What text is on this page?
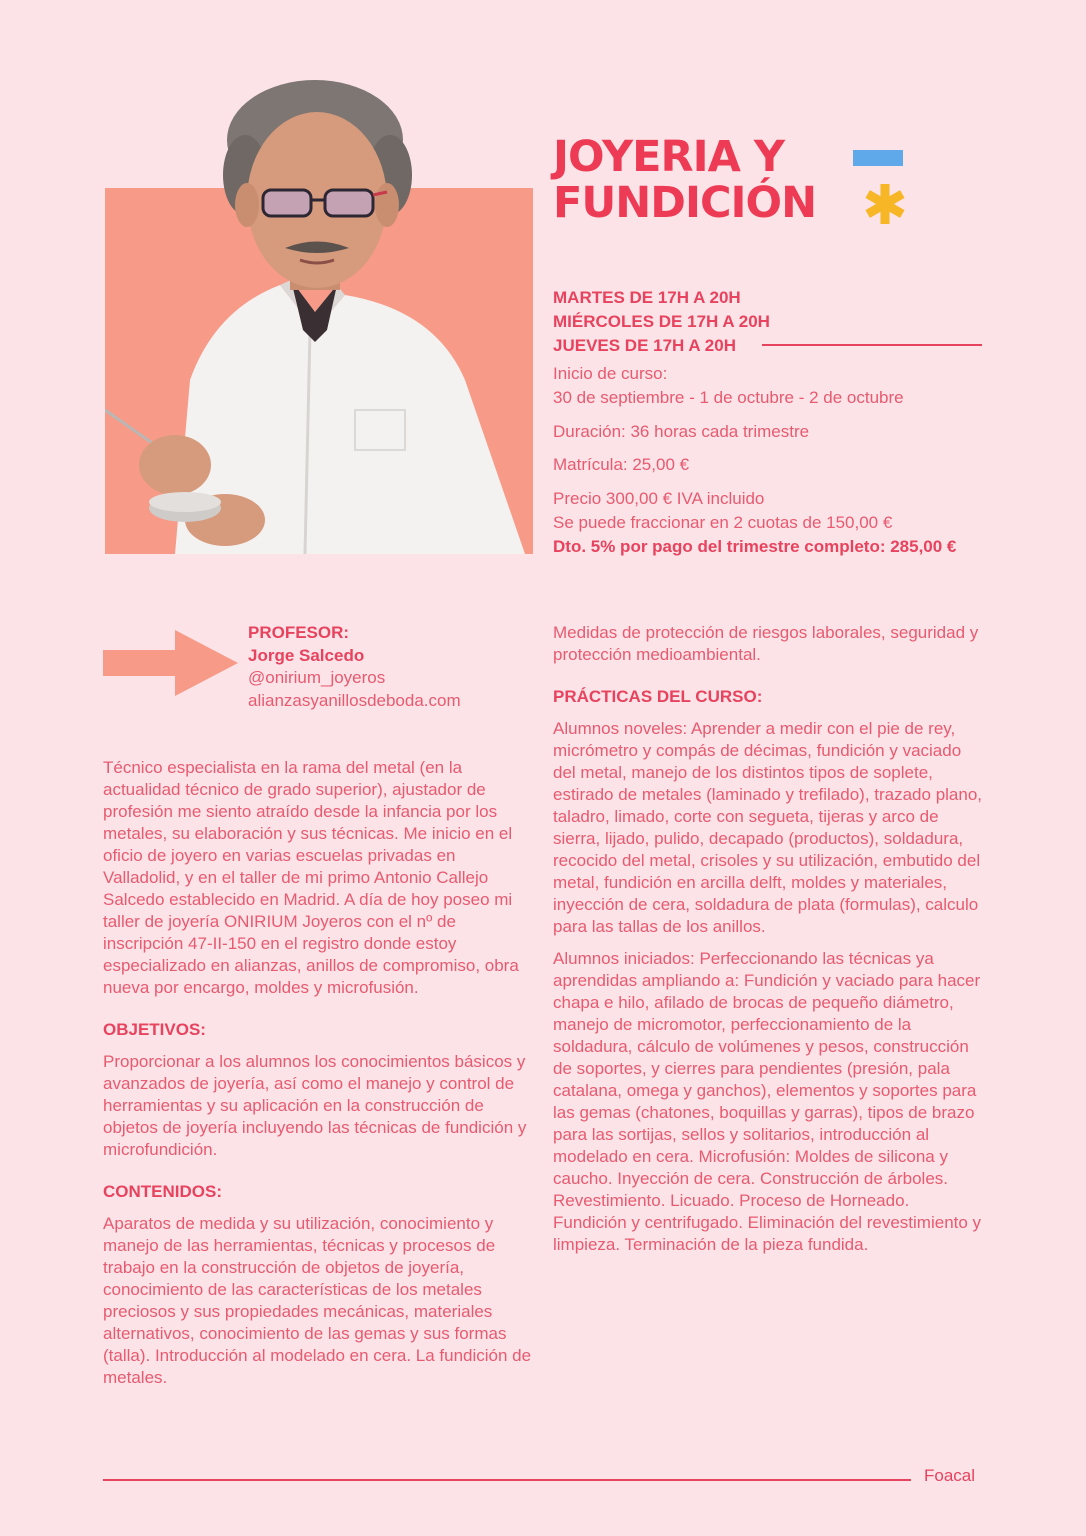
JOYERIA Y
FUNDICIÓN
MARTES DE 17H A 20H
MIÉRCOLES DE 17H A 20H
JUEVES DE 17H A 20H
Inicio de curso:
30 de septiembre - 1 de octubre - 2 de octubre
Duración: 36 horas cada trimestre
Matrícula: 25,00 €
Precio 300,00 € IVA incluido
Se puede fraccionar en 2 cuotas de 150,00 €
Dto. 5% por pago del trimestre completo: 285,00 €
PROFESOR:
Jorge Salcedo
@onirium_joyeros
alianzasyanillosdeboda.com

Técnico especialista en la rama del metal (en la actualidad técnico de grado superior), ajustador de profesión me siento atraído desde la infancia por los metales, su elaboración y sus técnicas. Me inicio en el oficio de joyero en varias escuelas privadas en Valladolid, y en el taller de mi primo Antonio Callejo Salcedo establecido en Madrid. A día de hoy poseo mi taller de joyería ONIRIUM Joyeros con el nº de inscripción 47-II-150 en el registro donde estoy especializado en alianzas, anillos de compromiso, obra nueva por encargo, moldes y microfusión.

OBJETIVOS:

Proporcionar a los alumnos los conocimientos básicos y avanzados de joyería, así como el manejo y control de herramientas y su aplicación en la construcción de objetos de joyería incluyendo las técnicas de fundición y microfundición.

CONTENIDOS:

Aparatos de medida y su utilización, conocimiento y manejo de las herramientas, técnicas y procesos de trabajo en la construcción de objetos de joyería, conocimiento de las características de los metales preciosos y sus propiedades mecánicas, materiales alternativos, conocimiento de las gemas y sus formas (talla). Introducción al modelado en cera. La fundición de metales.

Medidas de protección de riesgos laborales, seguridad y protección medioambiental.

PRÁCTICAS DEL CURSO:

Alumnos noveles: Aprender a medir con el pie de rey, micrómetro y compás de décimas, fundición y vaciado del metal, manejo de los distintos tipos de soplete, estirado de metales (laminado y trefilado), trazado plano, taladro, limado, corte con segueta, tijeras y arco de sierra, lijado, pulido, decapado (productos), soldadura, recocido del metal, crisoles y su utilización, embutido del metal, fundición en arcilla delft, moldes y materiales, inyección de cera, soldadura de plata (formulas), calculo para las tallas de los anillos.

Alumnos iniciados: Perfeccionando las técnicas ya aprendidas ampliando a: Fundición y vaciado para hacer chapa e hilo, afilado de brocas de pequeño diámetro, manejo de micromotor, perfeccionamiento de la soldadura, cálculo de volúmenes y pesos, construcción de soportes, y cierres para pendientes (presión, pala catalana, omega y ganchos), elementos y soportes para las gemas (chatones, boquillas y garras), tipos de brazo para las sortijas, sellos y solitarios, introducción al modelado en cera. Microfusión: Moldes de silicona y caucho. Inyección de cera. Construcción de árboles. Revestimiento. Licuado. Proceso de Horneado. Fundición y centrifugado. Eliminación del revestimiento y limpieza. Terminación de la pieza fundida.

Foacal
